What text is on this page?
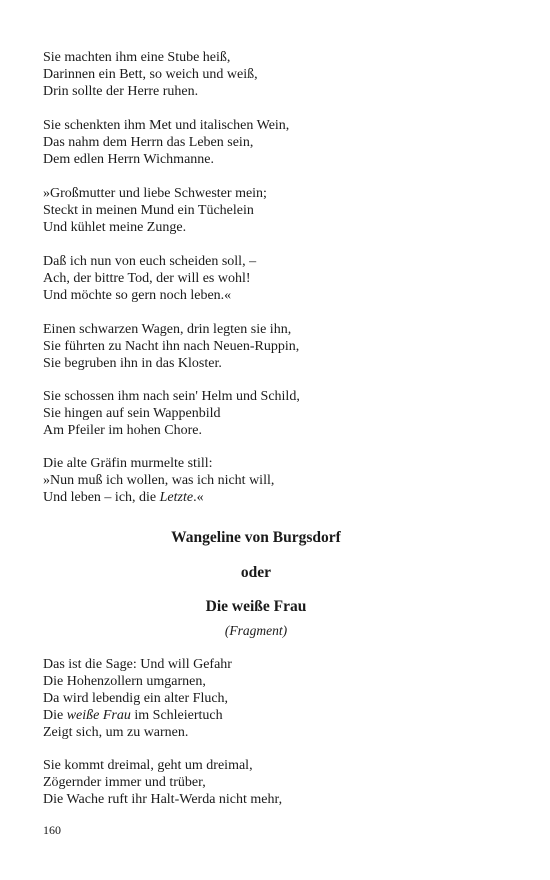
Sie machten ihm eine Stube heiß,
Darinnen ein Bett, so weich und weiß,
Drin sollte der Herre ruhen.
Sie schenkten ihm Met und italischen Wein,
Das nahm dem Herrn das Leben sein,
Dem edlen Herrn Wichmanne.
»Großmutter und liebe Schwester mein;
Steckt in meinen Mund ein Tüchelein
Und kühlet meine Zunge.
Daß ich nun von euch scheiden soll, –
Ach, der bittre Tod, der will es wohl!
Und möchte so gern noch leben.«
Einen schwarzen Wagen, drin legten sie ihn,
Sie führten zu Nacht ihn nach Neuen-Ruppin,
Sie begruben ihn in das Kloster.
Sie schossen ihm nach sein' Helm und Schild,
Sie hingen auf sein Wappenbild
Am Pfeiler im hohen Chore.
Die alte Gräfin murmelte still:
»Nun muß ich wollen, was ich nicht will,
Und leben – ich, die Letzte.«
Wangeline von Burgsdorf
oder
Die weiße Frau
(Fragment)
Das ist die Sage: Und will Gefahr
Die Hohenzollern umgarnen,
Da wird lebendig ein alter Fluch,
Die weiße Frau im Schleiertuch
Zeigt sich, um zu warnen.
Sie kommt dreimal, geht um dreimal,
Zögernder immer und trüber,
Die Wache ruft ihr Halt-Werda nicht mehr,
160
